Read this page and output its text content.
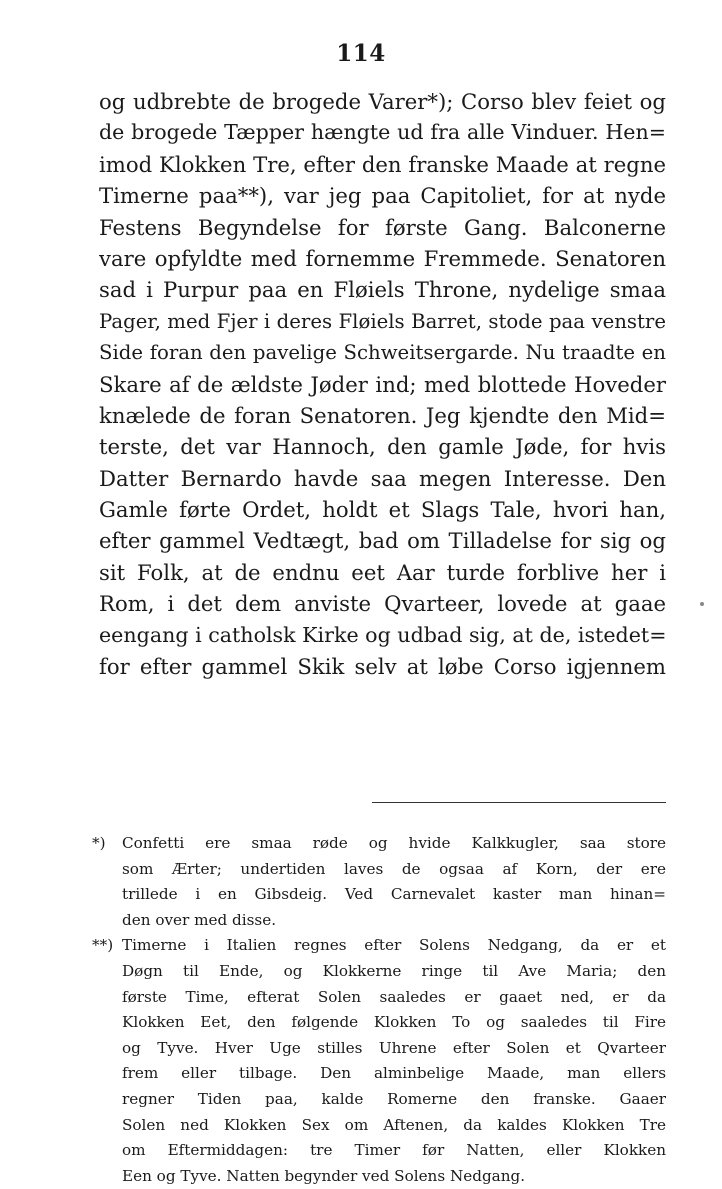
114
og udbrebte de brogede Varer*); Corso blev feiet og
de brogede Tæpper hængte ud fra alle Vinduer. Hen=
imod Klokken Tre, efter den franske Maade at regne
Timerne paa**), var jeg paa Capitoliet, for at nyde
Festens Begyndelse for første Gang. Balconerne
vare opfyldte med fornemme Fremmede. Senatoren
sad i Purpur paa en Fløiels Throne, nydelige smaa
Pager, med Fjer i deres Fløiels Barret, stode paa venstre
Side foran den pavelige Schweitsergarde. Nu traadte en
Skare af de ældste Jøder ind; med blottede Hoveder
knælede de foran Senatoren. Jeg kjendte den Mid=
terste, det var Hannoch, den gamle Jøde, for hvis
Datter Bernardo havde saa megen Interesse. Den
Gamle førte Ordet, holdt et Slags Tale, hvori han,
efter gammel Vedtægt, bad om Tilladelse for sig og
sit Folk, at de endnu eet Aar turde forblive her i
Rom, i det dem anviste Qvarteer, lovede at gaae
eengang i catholsk Kirke og udbad sig, at de, istedet=
for efter gammel Skik selv at løbe Corso igjennem
*) Confetti ere smaa røde og hvide Kalkkugler, saa store
som Ærter; undertiden laves de ogsaa af Korn, der ere
trillede i en Gibsdeig. Ved Carnevalet kaster man hinan=
den over med disse.
**) Timerne i Italien regnes efter Solens Nedgang, da er et
Døgn til Ende, og Klokkerne ringe til Ave Maria; den
første Time, efterat Solen saaledes er gaaet ned, er da
Klokken Eet, den følgende Klokken To og saaledes til Fire
og Tyve. Hver Uge stilles Uhrene efter Solen et Qvarteer
frem eller tilbage. Den alminbelige Maade, man ellers
regner Tiden paa, kalde Romerne den franske. Gaaer
Solen ned Klokken Sex om Aftenen, da kaldes Klokken Tre
om Eftermiddagen: tre Timer før Natten, eller Klokken
Een og Tyve. Natten begynder ved Solens Nedgang.
